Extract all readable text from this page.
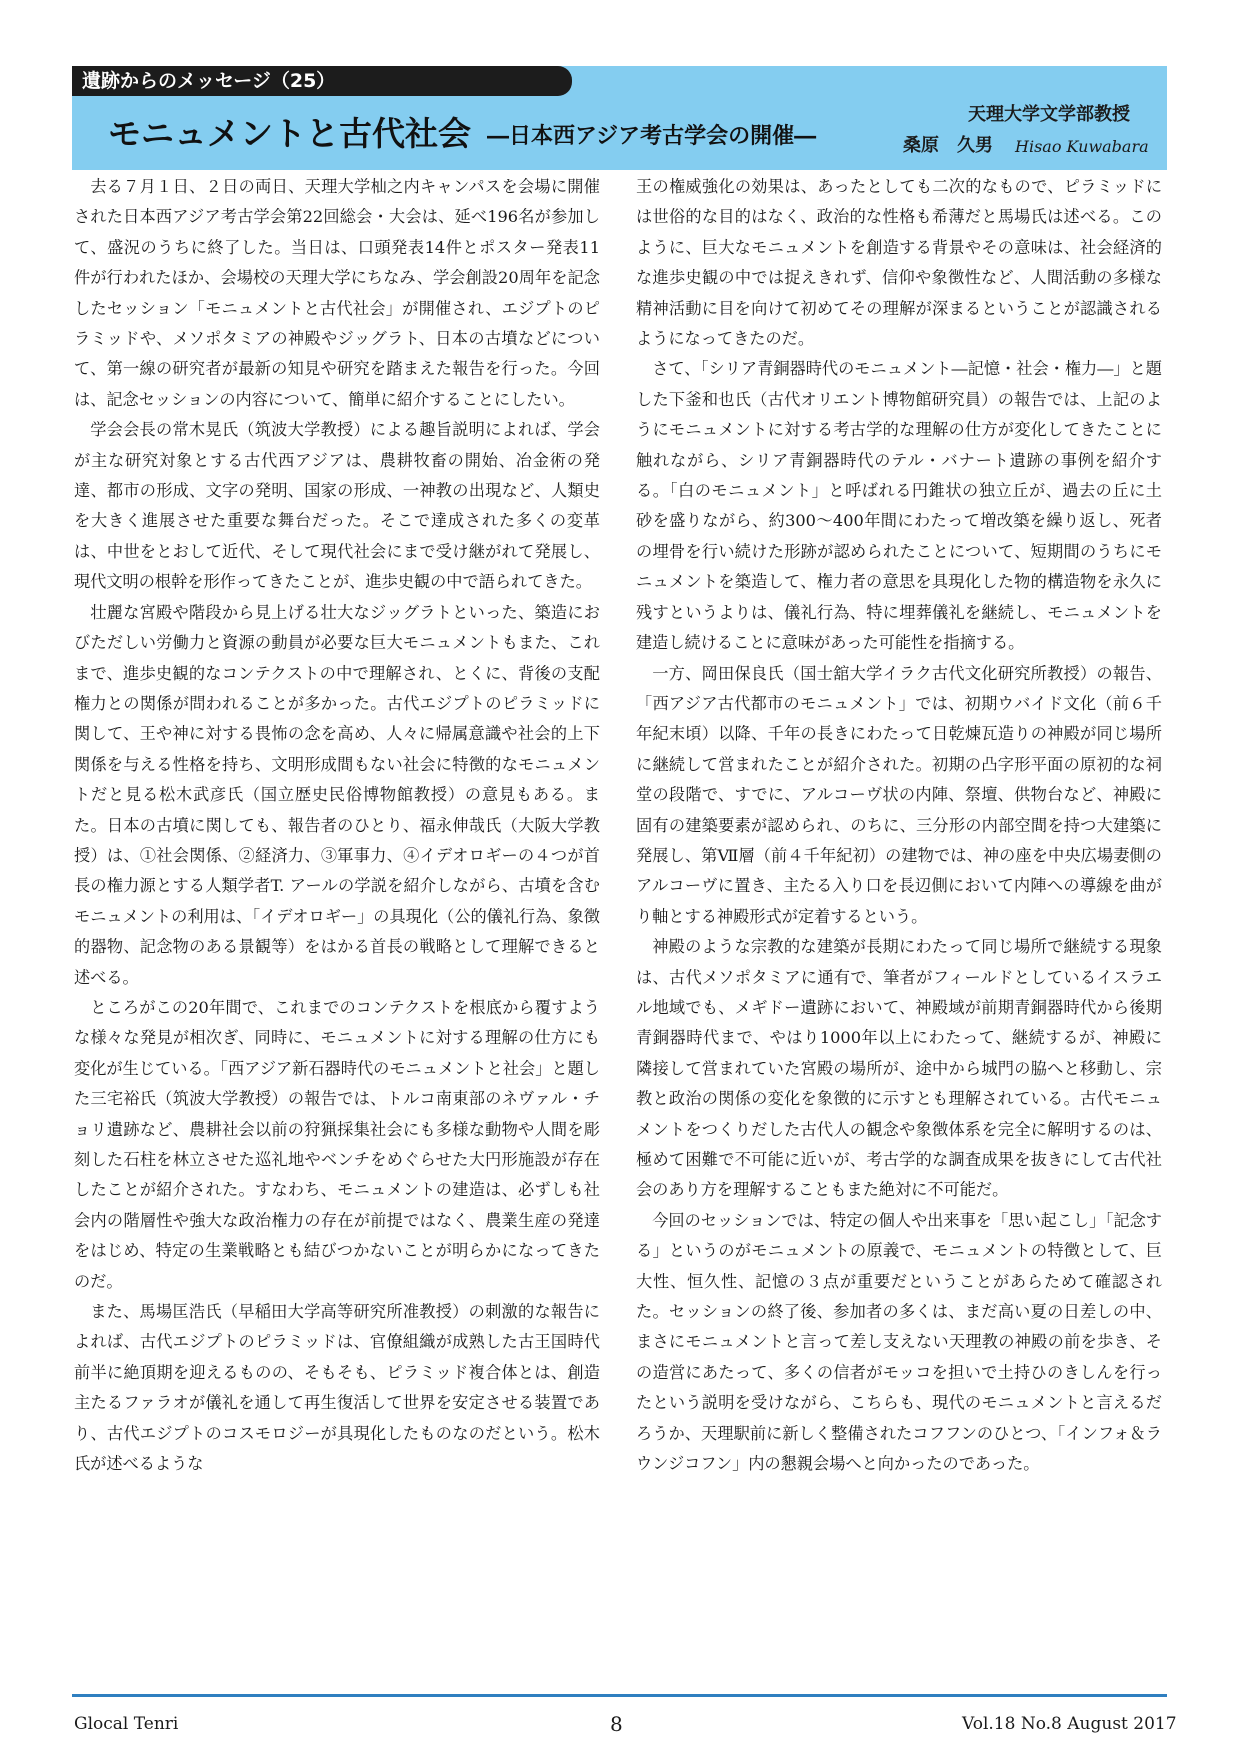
遺跡からのメッセージ（25）
モニュメントと古代社会 ―日本西アジア考古学会の開催―
天理大学文学部教授
桑原　久男 Hisao Kuwabara

去る７月１日、２日の両日、天理大学杣之内キャンパスを会場に開催された日本西アジア考古学会第22回総会・大会は、延べ196名が参加して、盛況のうちに終了した。当日は、口頭発表14件とポスター発表11件が行われたほか、会場校の天理大学にちなみ、学会創設20周年を記念したセッション「モニュメントと古代社会」が開催され、エジプトのピラミッドや、メソポタミアの神殿やジッグラト、日本の古墳などについて、第一線の研究者が最新の知見や研究を踏まえた報告を行った。今回は、記念セッションの内容について、簡単に紹介することにしたい。

学会会長の常木晃氏（筑波大学教授）による趣旨説明によれば、学会が主な研究対象とする古代西アジアは、農耕牧畜の開始、冶金術の発達、都市の形成、文字の発明、国家の形成、一神教の出現など、人類史を大きく進展させた重要な舞台だった。そこで達成された多くの変革は、中世をとおして近代、そして現代社会にまで受け継がれて発展し、現代文明の根幹を形作ってきたことが、進歩史観の中で語られてきた。

壮麗な宮殿や階段から見上げる壮大なジッグラトといった、築造におびただしい労働力と資源の動員が必要な巨大モニュメントもまた、これまで、進歩史観的なコンテクストの中で理解され、とくに、背後の支配権力との関係が問われることが多かった。古代エジプトのピラミッドに関して、王や神に対する畏怖の念を高め、人々に帰属意識や社会的上下関係を与える性格を持ち、文明形成間もない社会に特徴的なモニュメントだと見る松木武彦氏（国立歴史民俗博物館教授）の意見もある。また。日本の古墳に関しても、報告者のひとり、福永伸哉氏（大阪大学教授）は、①社会関係、②経済力、③軍事力、④イデオロギーの４つが首長の権力源とする人類学者T. アールの学説を紹介しながら、古墳を含むモニュメントの利用は、「イデオロギー」の具現化（公的儀礼行為、象徴的器物、記念物のある景観等）をはかる首長の戦略として理解できると述べる。

ところがこの20年間で、これまでのコンテクストを根底から覆すような様々な発見が相次ぎ、同時に、モニュメントに対する理解の仕方にも変化が生じている。「西アジア新石器時代のモニュメントと社会」と題した三宅裕氏（筑波大学教授）の報告では、トルコ南東部のネヴァル・チョリ遺跡など、農耕社会以前の狩猟採集社会にも多様な動物や人間を彫刻した石柱を林立させた巡礼地やベンチをめぐらせた大円形施設が存在したことが紹介された。すなわち、モニュメントの建造は、必ずしも社会内の階層性や強大な政治権力の存在が前提ではなく、農業生産の発達をはじめ、特定の生業戦略とも結びつかないことが明らかになってきたのだ。

また、馬場匡浩氏（早稲田大学高等研究所准教授）の刺激的な報告によれば、古代エジプトのピラミッドは、官僚組織が成熟した古王国時代前半に絶頂期を迎えるものの、そもそも、ピラミッド複合体とは、創造主たるファラオが儀礼を通して再生復活して世界を安定させる装置であり、古代エジプトのコスモロジーが具現化したものなのだという。松木氏が述べるような

王の権威強化の効果は、あったとしても二次的なもので、ピラミッドには世俗的な目的はなく、政治的な性格も希薄だと馬場氏は述べる。このように、巨大なモニュメントを創造する背景やその意味は、社会経済的な進歩史観の中では捉えきれず、信仰や象徴性など、人間活動の多様な精神活動に目を向けて初めてその理解が深まるということが認識されるようになってきたのだ。

さて、「シリア青銅器時代のモニュメント―記憶・社会・権力―」と題した下釜和也氏（古代オリエント博物館研究員）の報告では、上記のようにモニュメントに対する考古学的な理解の仕方が変化してきたことに触れながら、シリア青銅器時代のテル・バナート遺跡の事例を紹介する。「白のモニュメント」と呼ばれる円錐状の独立丘が、過去の丘に土砂を盛りながら、約300～400年間にわたって増改築を繰り返し、死者の埋骨を行い続けた形跡が認められたことについて、短期間のうちにモニュメントを築造して、権力者の意思を具現化した物的構造物を永久に残すというよりは、儀礼行為、特に埋葬儀礼を継続し、モニュメントを建造し続けることに意味があった可能性を指摘する。

一方、岡田保良氏（国士舘大学イラク古代文化研究所教授）の報告、「西アジア古代都市のモニュメント」では、初期ウバイド文化（前６千年紀末頃）以降、千年の長きにわたって日乾煉瓦造りの神殿が同じ場所に継続して営まれたことが紹介された。初期の凸字形平面の原初的な祠堂の段階で、すでに、アルコーヴ状の内陣、祭壇、供物台など、神殿に固有の建築要素が認められ、のちに、三分形の内部空間を持つ大建築に発展し、第Ⅶ層（前４千年紀初）の建物では、神の座を中央広場妻側のアルコーヴに置き、主たる入り口を長辺側において内陣への導線を曲がり軸とする神殿形式が定着するという。

神殿のような宗教的な建築が長期にわたって同じ場所で継続する現象は、古代メソポタミアに通有で、筆者がフィールドとしているイスラエル地域でも、メギドー遺跡において、神殿域が前期青銅器時代から後期青銅器時代まで、やはり1000年以上にわたって、継続するが、神殿に隣接して営まれていた宮殿の場所が、途中から城門の脇へと移動し、宗教と政治の関係の変化を象徴的に示すとも理解されている。古代モニュメントをつくりだした古代人の観念や象徴体系を完全に解明するのは、極めて困難で不可能に近いが、考古学的な調査成果を抜きにして古代社会のあり方を理解することもまた絶対に不可能だ。

今回のセッションでは、特定の個人や出来事を「思い起こし」「記念する」というのがモニュメントの原義で、モニュメントの特徴として、巨大性、恒久性、記憶の３点が重要だということがあらためて確認された。セッションの終了後、参加者の多くは、まだ高い夏の日差しの中、まさにモニュメントと言って差し支えない天理教の神殿の前を歩き、その造営にあたって、多くの信者がモッコを担いで土持ひのきしんを行ったという説明を受けながら、こちらも、現代のモニュメントと言えるだろうか、天理駅前に新しく整備されたコフフンのひとつ、「インフォ＆ラウンジコフン」内の懇親会場へと向かったのであった。

Glocal Tenri	8	Vol.18 No.8 August 2017
